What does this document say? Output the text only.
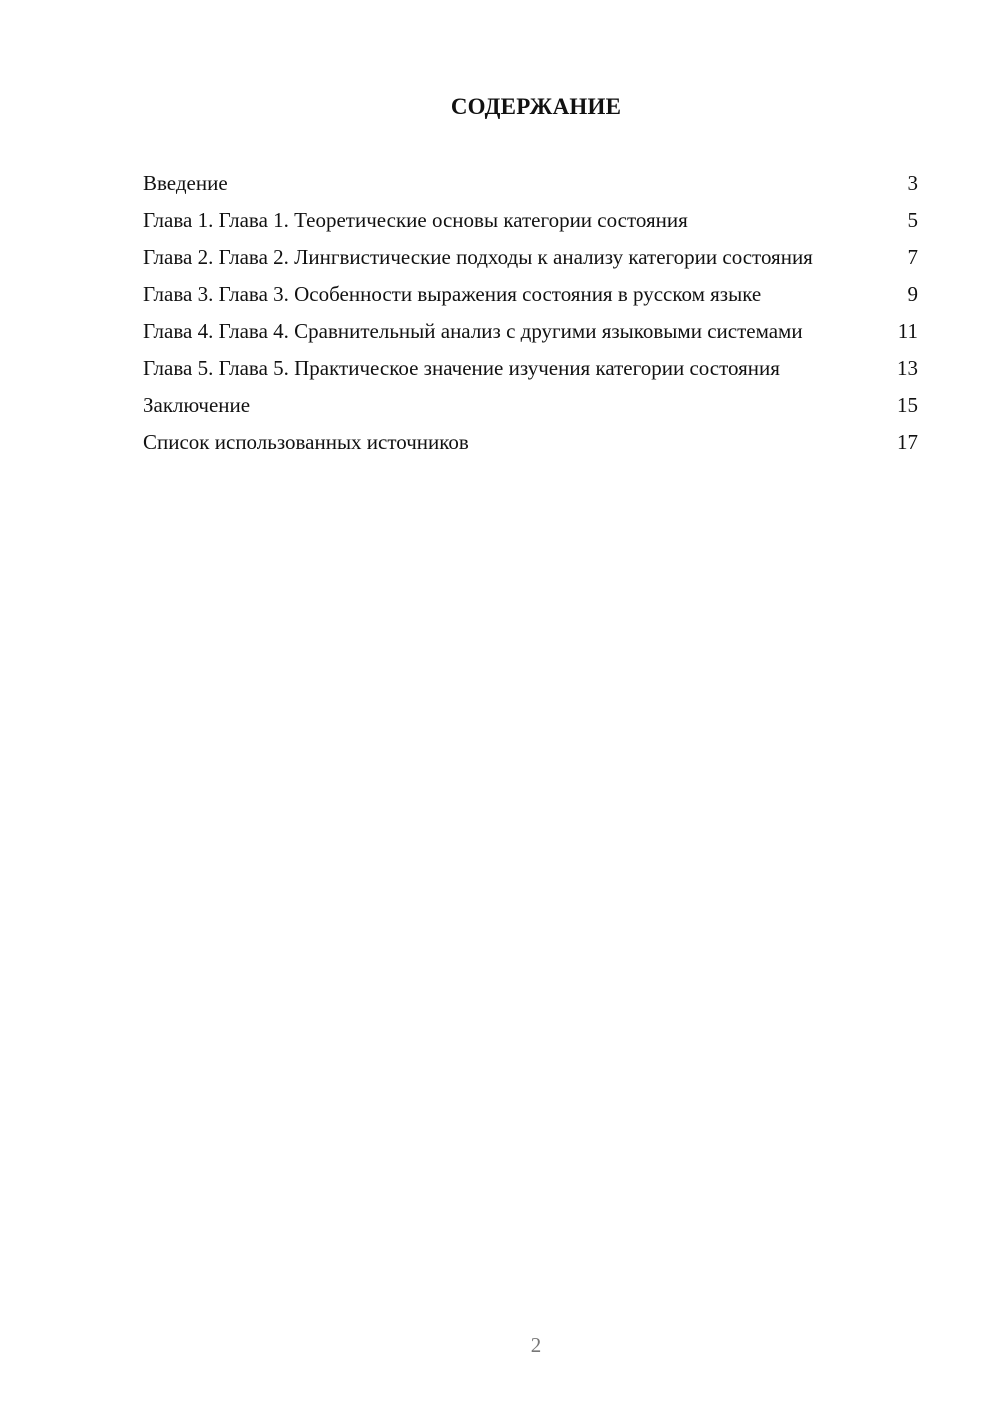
СОДЕРЖАНИЕ
Введение	3
Глава 1. Глава 1. Теоретические основы категории состояния	5
Глава 2. Глава 2. Лингвистические подходы к анализу категории состояния	7
Глава 3. Глава 3. Особенности выражения состояния в русском языке	9
Глава 4. Глава 4. Сравнительный анализ с другими языковыми системами	11
Глава 5. Глава 5. Практическое значение изучения категории состояния	13
Заключение	15
Список использованных источников	17
2
